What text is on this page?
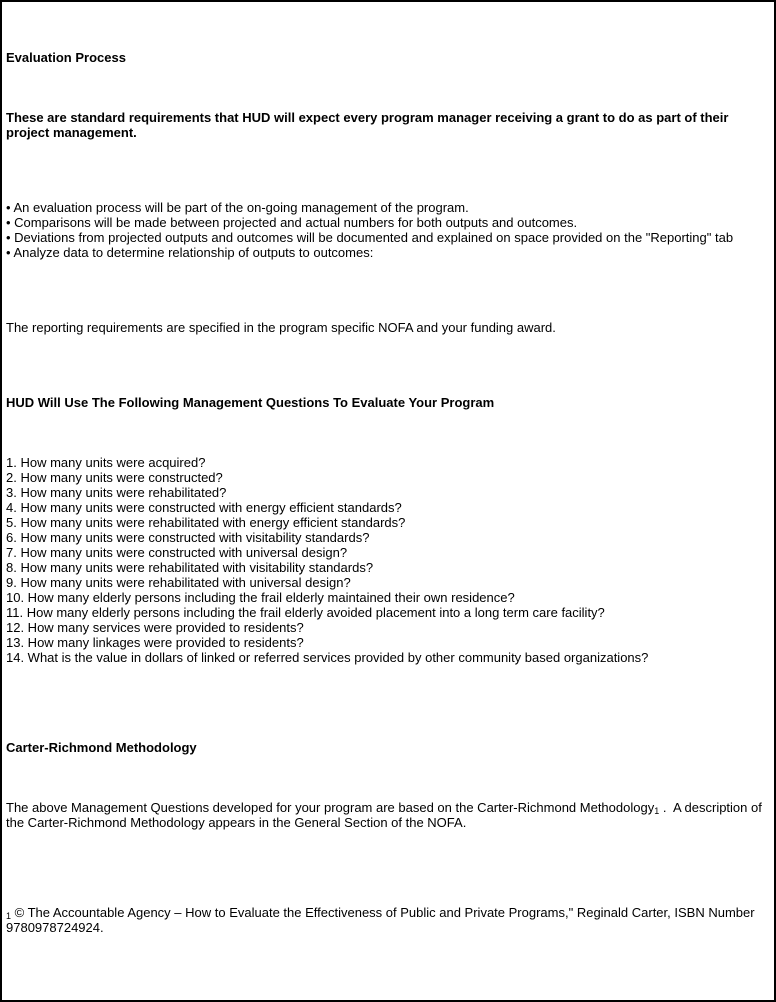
Evaluation Process

These are standard requirements that HUD will expect every program manager receiving a grant to do as part of their project management.

• An evaluation process will be part of the on-going management of the program.
• Comparisons will be made between projected and actual numbers for both outputs and outcomes.
• Deviations from projected outputs and outcomes will be documented and explained on space provided on the "Reporting" tab
• Analyze data to determine relationship of outputs to outcomes:

The reporting requirements are specified in the program specific NOFA and your funding award.

HUD Will Use The Following Management Questions To Evaluate Your Program

1. How many units were acquired?
2. How many units were constructed?
3. How many units were rehabilitated?
4. How many units were constructed with energy efficient standards?
5. How many units were rehabilitated with energy efficient standards?
6. How many units were constructed with visitability standards?
7. How many units were constructed with universal design?
8. How many units were rehabilitated with visitability standards?
9. How many units were rehabilitated with universal design?
10. How many elderly persons including the frail elderly maintained their own residence?
11. How many elderly persons including the frail elderly avoided placement into a long term care facility?
12. How many services were provided to residents?
13. How many linkages were provided to residents?
14. What is the value in dollars of linked or referred services provided by other community based organizations?

Carter-Richmond Methodology

The above Management Questions developed for your program are based on the Carter-Richmond Methodology$_1$ .  A description of the Carter-Richmond Methodology appears in the General Section of the NOFA.

$_1$ © The Accountable Agency – How to Evaluate the Effectiveness of Public and Private Programs," Reginald Carter, ISBN Number 9780978724924.
